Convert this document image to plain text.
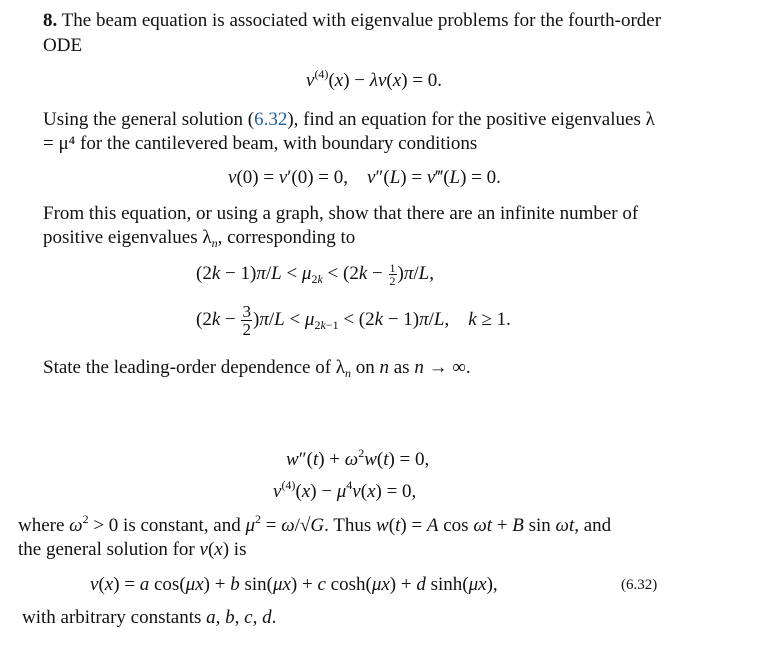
8. The beam equation is associated with eigenvalue problems for the fourth-order
ODE
$v^{(4)}(x) - \lambda v(x) = 0$.
Using the general solution (6.32), find an equation for the positive eigenvalues λ
= μ⁴ for the cantilevered beam, with boundary conditions
v(0) = v′(0) = 0,    v″(L) = v‴(L) = 0.
From this equation, or using a graph, show that there are an infinite number of
positive eigenvalues $\lambda_n$, corresponding to
$(2k - 1)\pi/L < \mu_{2k} < (2k - \frac{1}{2} )\pi/L$,
$(2k - \frac{3}{2} )\pi/L < \mu_{2k-1} < (2k - 1)\pi/L$,    k ≥ 1.
State the leading-order dependence of $\lambda_n$ on n as n → ∞.
$w''(t) + \omega^2w(t) = 0$,
$v^{(4)}(x) - \mu^4v(x) = 0$,
where $\omega^2 > 0$ is constant, and $\mu^2 = \omega/√G$. Thus w(t) = A cos ωt + B sin ωt, and
the general solution for v(x) is
v(x) = a cos(μx) + b sin(μx) + c cosh(μx) + d sinh(μx),	(6.32)
with arbitrary constants a, b, c, d.
